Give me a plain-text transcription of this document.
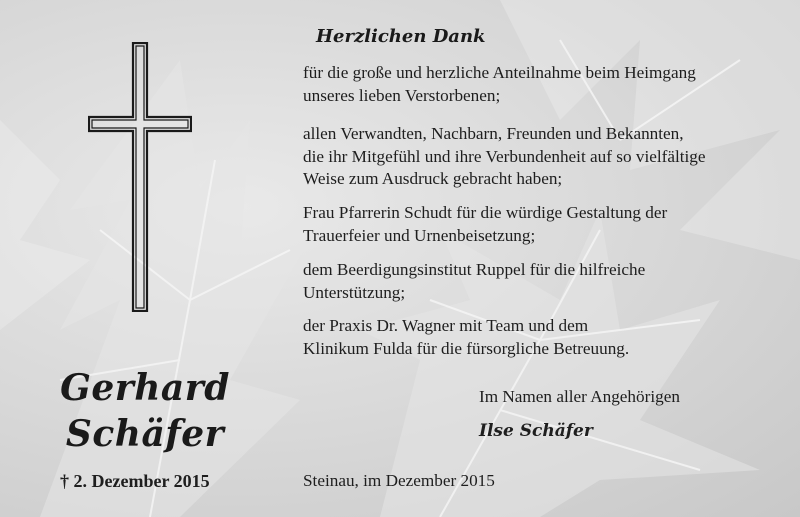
Gerhard
Schäfer
† 2. Dezember 2015
Herzlichen Dank
für die große und herzliche Anteilnahme beim Heimgang
unseres lieben Verstorbenen;
allen Verwandten, Nachbarn, Freunden und Bekannten,
die ihr Mitgefühl und ihre Verbundenheit auf so vielfältige
Weise zum Ausdruck gebracht haben;
Frau Pfarrerin Schudt für die würdige Gestaltung der
Trauerfeier und Urnenbeisetzung;
dem Beerdigungsinstitut Ruppel für die hilfreiche
Unterstützung;
der Praxis Dr. Wagner mit Team und dem
Klinikum Fulda für die fürsorgliche Betreuung.
Im Namen aller Angehörigen
Ilse Schäfer
Steinau, im Dezember 2015
